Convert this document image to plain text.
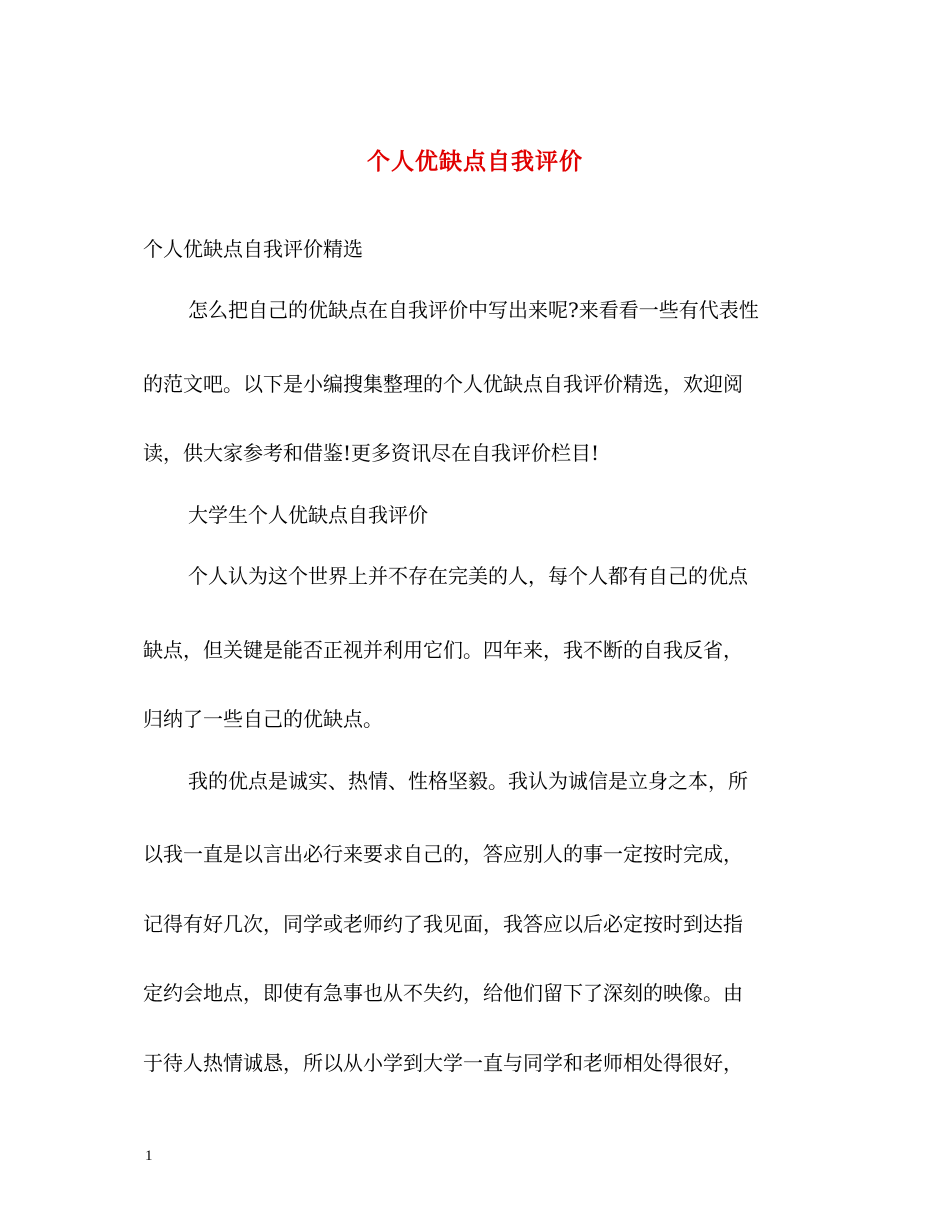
个人优缺点自我评价
个人优缺点自我评价精选
怎么把自己的优缺点在自我评价中写出来呢?来看看一些有代表性
的范文吧。以下是小编搜集整理的个人优缺点自我评价精选，欢迎阅
读，供大家参考和借鉴!更多资讯尽在自我评价栏目!
大学生个人优缺点自我评价
个人认为这个世界上并不存在完美的人，每个人都有自己的优点
缺点，但关键是能否正视并利用它们。四年来，我不断的自我反省，
归纳了一些自己的优缺点。
我的优点是诚实、热情、性格坚毅。我认为诚信是立身之本，所
以我一直是以言出必行来要求自己的，答应别人的事一定按时完成，
记得有好几次，同学或老师约了我见面，我答应以后必定按时到达指
定约会地点，即使有急事也从不失约，给他们留下了深刻的映像。由
于待人热情诚恳，所以从小学到大学一直与同学和老师相处得很好，
1
